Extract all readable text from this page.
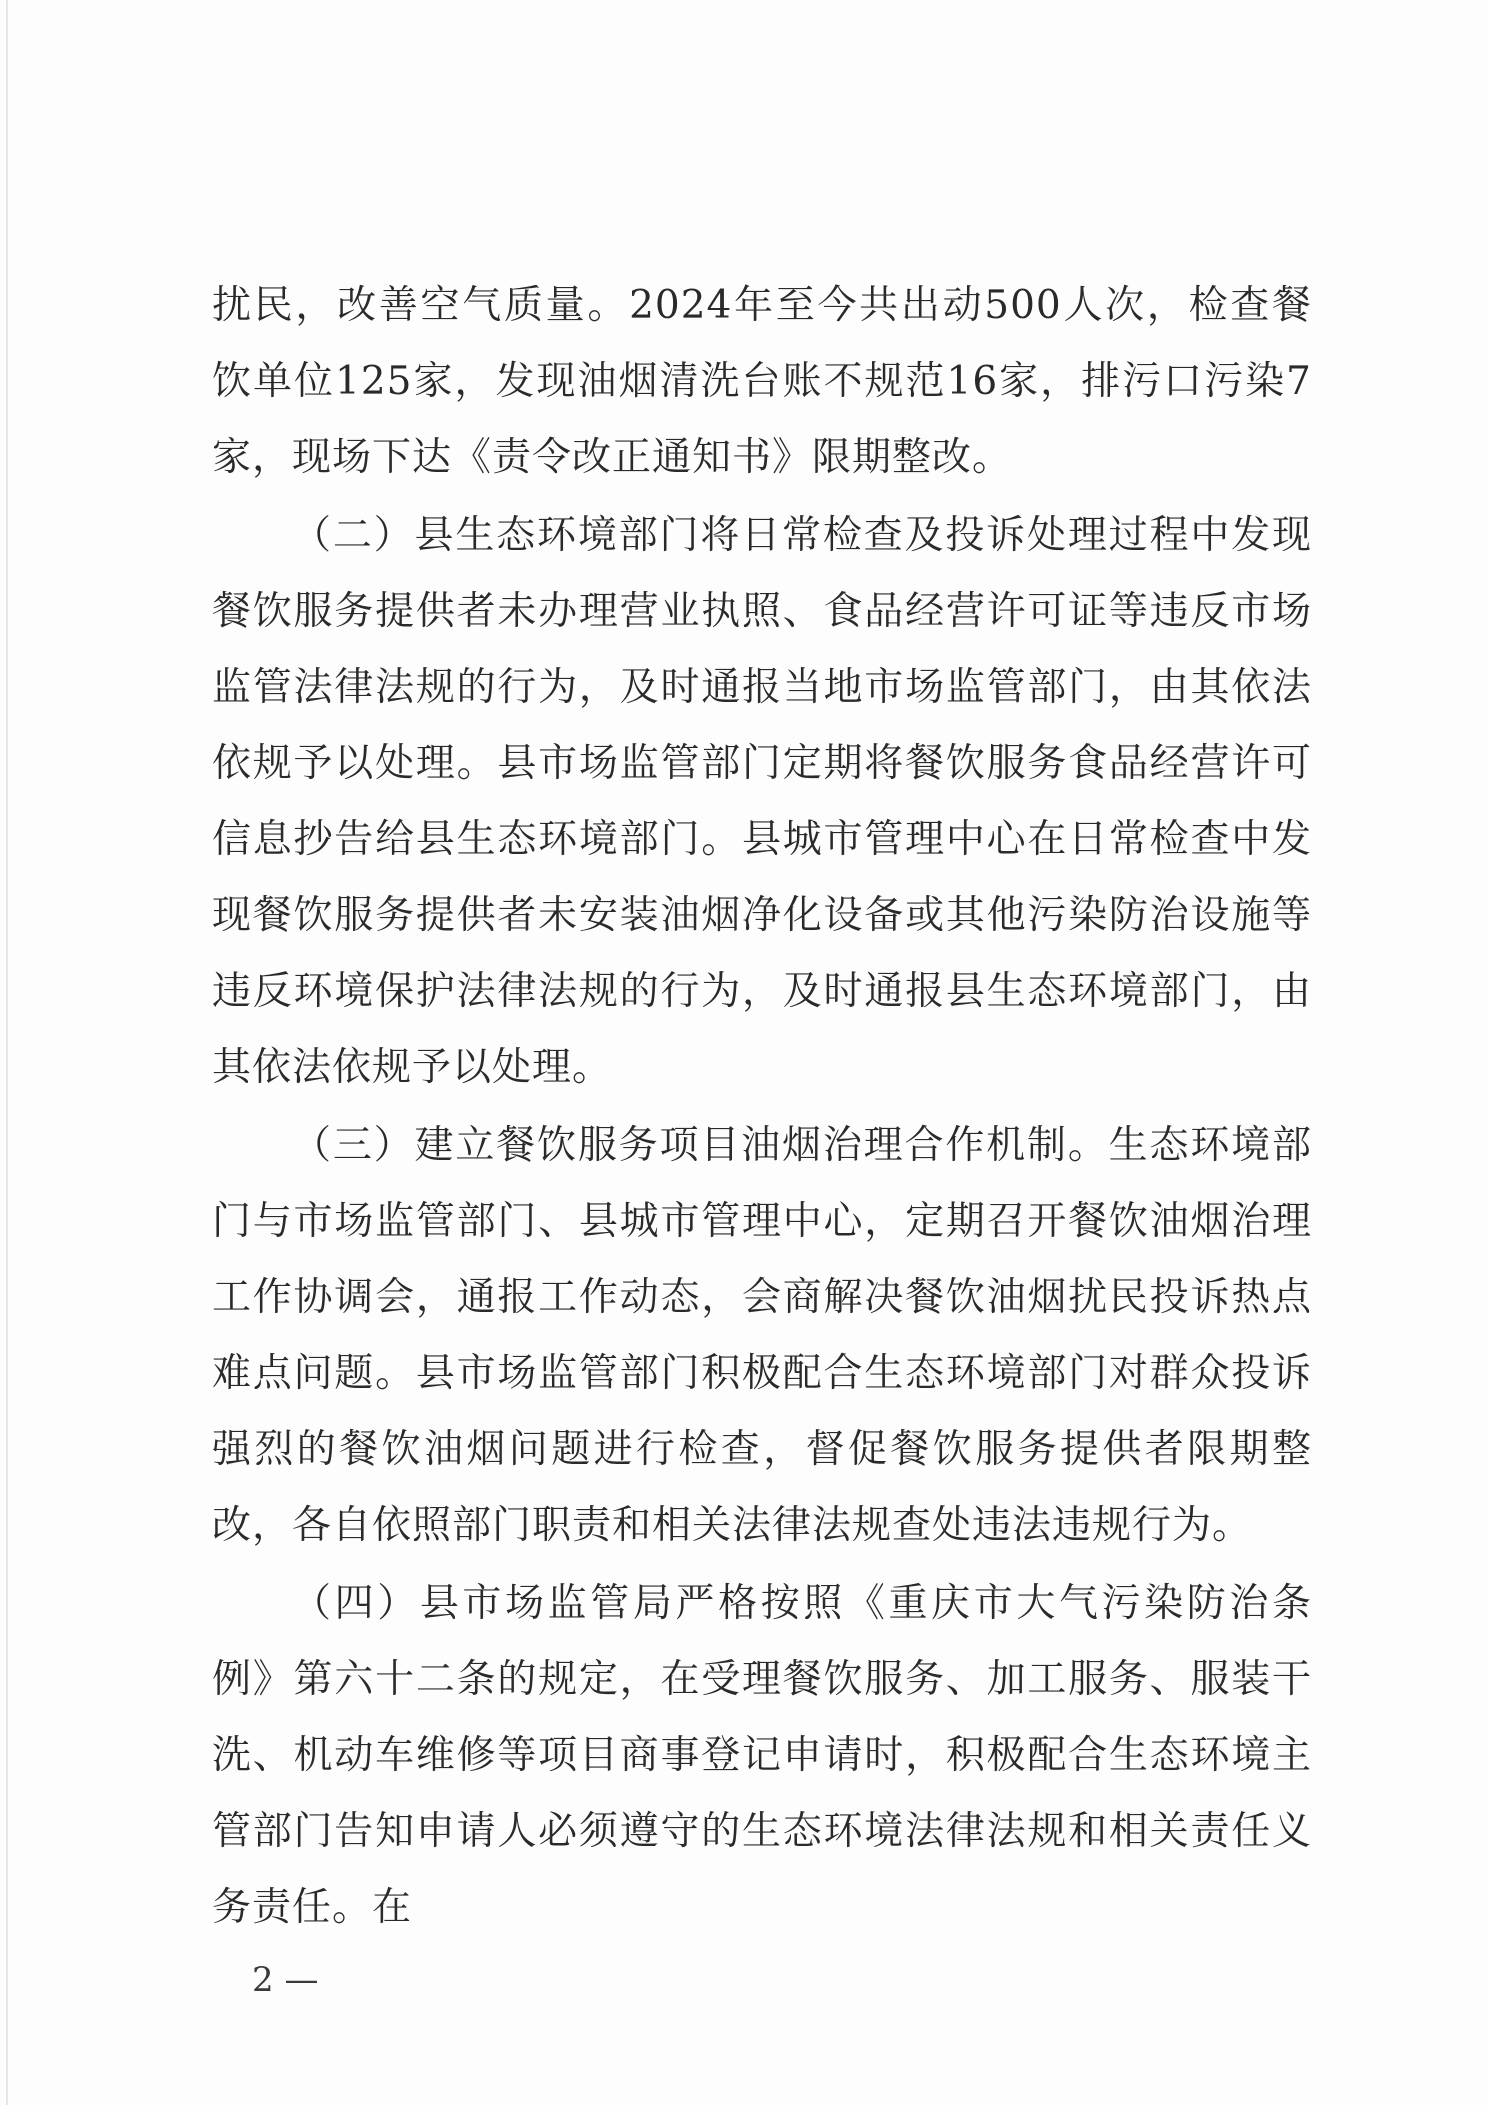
扰民，改善空气质量。2024年至今共出动500人次，检查餐饮单位125家，发现油烟清洗台账不规范16家，排污口污染7家，现场下达《责令改正通知书》限期整改。

（二）县生态环境部门将日常检查及投诉处理过程中发现餐饮服务提供者未办理营业执照、食品经营许可证等违反市场监管法律法规的行为，及时通报当地市场监管部门，由其依法依规予以处理。县市场监管部门定期将餐饮服务食品经营许可信息抄告给县生态环境部门。县城市管理中心在日常检查中发现餐饮服务提供者未安装油烟净化设备或其他污染防治设施等违反环境保护法律法规的行为，及时通报县生态环境部门，由其依法依规予以处理。

（三）建立餐饮服务项目油烟治理合作机制。生态环境部门与市场监管部门、县城市管理中心，定期召开餐饮油烟治理工作协调会，通报工作动态，会商解决餐饮油烟扰民投诉热点难点问题。县市场监管部门积极配合生态环境部门对群众投诉强烈的餐饮油烟问题进行检查，督促餐饮服务提供者限期整改，各自依照部门职责和相关法律法规查处违法违规行为。

（四）县市场监管局严格按照《重庆市大气污染防治条例》第六十二条的规定，在受理餐饮服务、加工服务、服装干洗、机动车维修等项目商事登记申请时，积极配合生态环境主管部门告知申请人必须遵守的生态环境法律法规和相关责任义务责任。在

2 —
